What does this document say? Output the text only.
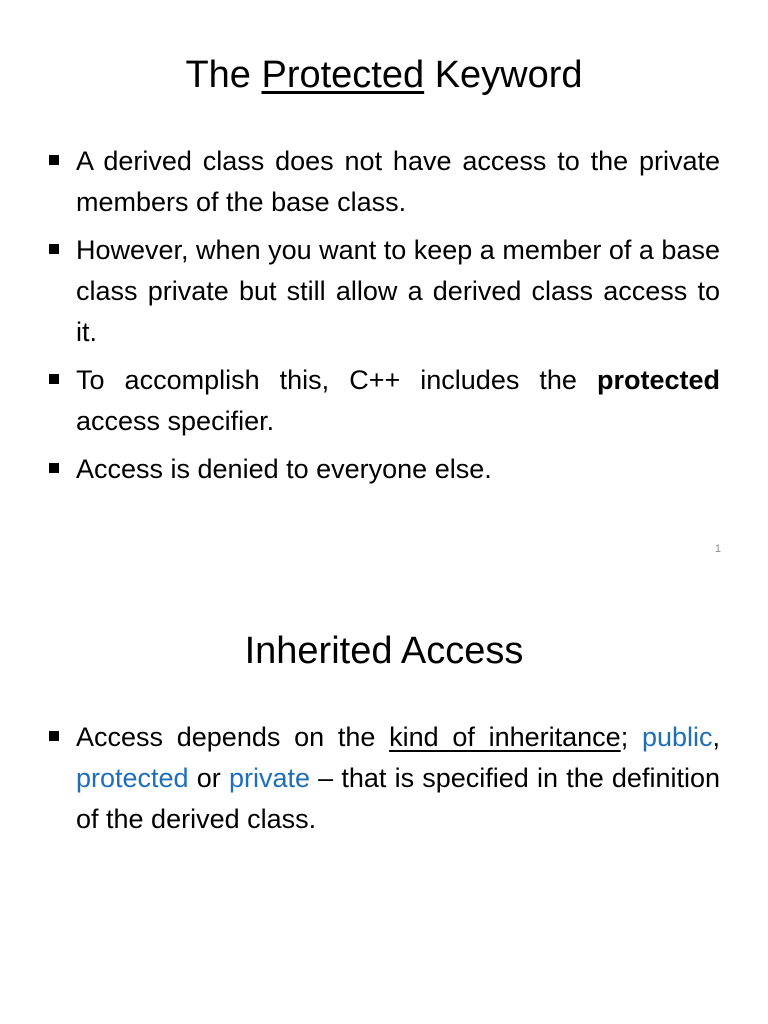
The Protected Keyword
A derived class does not have access to the private members of the base class.
However, when you want to keep a member of a base class private but still allow a derived class access to it.
To accomplish this, C++ includes the protected access specifier.
Access is denied to everyone else.
1
Inherited Access
Access depends on the kind of inheritance; public, protected or private – that is specified in the definition of the derived class.
